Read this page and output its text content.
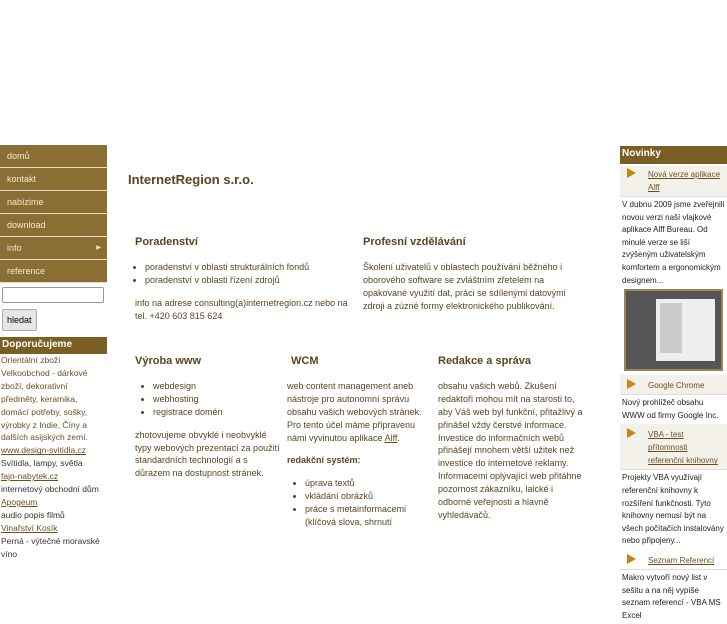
domů
kontakt
nabízime
download
info	▶
reference
hledat
Doporučujeme
Orientální zboží
Velkoobchod - dárkové zboží, dekorativní předměty, keramika, domácí potřeby, sošky, výrobky z Indie, Číny a dalších asijských zemí.
www.design-svitidla.cz
Svítidla, lampy, světla
fajn-nabytek.cz
internetový obchodní dům
Apogeum
audio popis filmů
Vinařství Kosík
Perná - výtečné moravské víno
InternetRegion s.r.o.
Poradenství
• poradenství v oblasti strukturálních fondů
• poradenství v oblasti řízení zdrojů

info na adrese consulting(a)internetregion.cz nebo na tel. +420 603 815 624

Profesní vzdělávání

Školení uživatelů v oblastech používání běžného i oborového software se zvláštním zřetelem na opakované využití dat, práci se sdílenými datovými zdroji a zúzné formy elektronického publikování.

Výroba www
• webdesign
• webhosting
• registrace domén

zhotovujeme obvyklé i neobvyklé typy webových prezentací za použití standardních technologií a s důrazem na dostupnost stránek.

WCM
web content management aneb nástroje pro autonomní správu obsahu vašich webových stránek.

Pro tento účel máme připravenu námi vyvinutou aplikace Alff.

redakční systém:

• úprava textů
• vkládání obrázků
• práce s metainformacemi (klíčová slova, shrnutí
Redakce a správa

obsahu vašich webů. Zkušení redaktoři mohou mít na starosti to, aby Váš web byl funkční, přitažlivý a přinášel vždy čerstvé informace. Investice do informačních webů přinášejí mnohem větší užitek než investice do internetové reklamy. Informacemi oplývající web přitáhne pozornost zákazníku, laické i odborné veřejnosti a hlavně vyhledávačů.

Novinky
Nová verze aplikace Alff
V dubnu 2009 jsme zveřejnili novou verzi naší vlajkové aplikace Alff Bureau. Od minulé verze se liší zvýšeným uživatelským komfortem a ergonomickým designem...
Google Chrome
Nový prohlížeč obsahu WWW od firmy Google Inc.
VBA - test přítomnosti referenční knihovny
Projekty VBA využívají referenční knihovny k rozšíření funkčnosti. Tyto knihovny nemusí být na všech počítačích instalovány nebo připojeny...
Seznam Referencí
Makro vytvoří nový list v sešitu a na něj vypíše seznam referencí - VBA MS Excel
